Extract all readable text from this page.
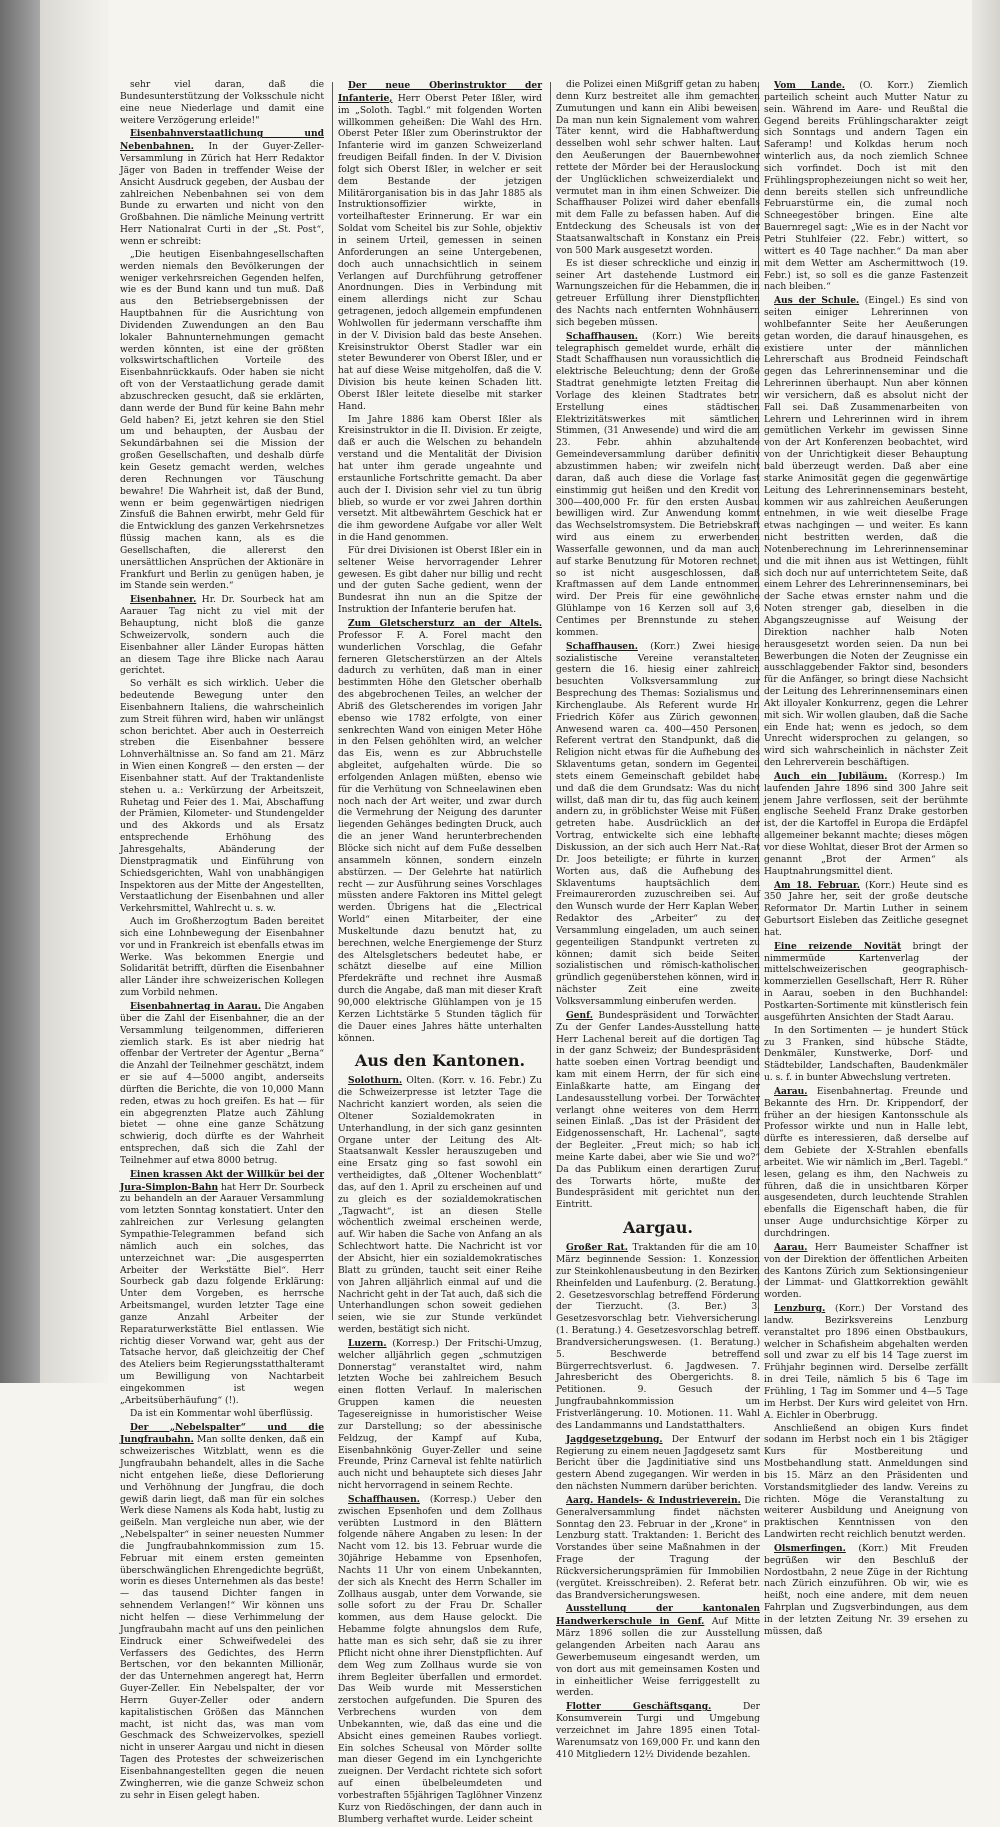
sehr viel daran, daß die Bundesunterstützung der Volksschule nicht eine neue Niederlage und damit eine weitere Verzögerung erleide!"

Eisenbahnverstaatlichung und Nebenbahnen. In der Guyer-Zeller-Versammlung in Zürich hat Herr Redaktor Jäger von Baden in treffender Weise der Ansicht Ausdruck gegeben, der Ausbau der zahlreichen Nebenbahnen sei von dem Bunde zu erwarten und nicht von den Großbahnen. Die nämliche Meinung vertritt Herr Nationalrat Curti in der „St. Post“, wenn er schreibt:

„Die heutigen Eisenbahngesellschaften werden niemals den Bevölkerungen der weniger verkehrsreichen Gegenden helfen, wie es der Bund kann und tun muß. Daß aus den Betriebsergebnissen der Hauptbahnen für die Ausrichtung von Dividenden Zuwendungen an den Bau lokaler Bahnunternehmungen gemacht werden könnten, ist eine der größten volkswirtschaftlichen Vorteile des Eisenbahnrückkaufs. Oder haben sie nicht oft von der Verstaatlichung gerade damit abzuschrecken gesucht, daß sie erklärten, dann werde der Bund für keine Bahn mehr Geld haben? Ei, jetzt kehren sie den Stiel um und behaupten, der Ausbau der Sekundärbahnen sei die Mission der großen Gesellschaften, und deshalb dürfe kein Gesetz gemacht werden, welches deren Rechnungen vor Täuschung bewahre! Die Wahrheit ist, daß der Bund, wenn er beim gegenwärtigen niedrigen Zinsfuß die Bahnen erwirbt, mehr Geld für die Entwicklung des ganzen Verkehrsnetzes flüssig machen kann, als es die Gesellschaften, die allererst den unersättlichen Ansprüchen der Aktionäre in Frankfurt und Berlin zu genügen haben, je im Stande sein werden.“

Eisenbahner. Hr. Dr. Sourbeck hat am Aarauer Tag nicht zu viel mit der Behauptung, nicht bloß die ganze Schweizervolk, sondern auch die Eisenbahner aller Länder Europas hätten an diesem Tage ihre Blicke nach Aarau gerichtet.

So verhält es sich wirklich. Ueber die bedeutende Bewegung unter den Eisenbahnern Italiens, die wahrscheinlich zum Streit führen wird, haben wir unlängst schon berichtet. Aber auch in Oesterreich streben die Eisenbahner bessere Lohnverhältnisse an. So fand am 21. März in Wien einen Kongreß — den ersten — der Eisenbahner statt. Auf der Traktandenliste stehen u. a.: Verkürzung der Arbeitszeit, Ruhetag und Feier des 1. Mai, Abschaffung der Prämien, Kilometer- und Stundengelder und des Akkords und als Ersatz entsprechende Erhöhung des Jahresgehalts, Abänderung der Dienstpragmatik und Einführung von Schiedsgerichten, Wahl von unabhängigen Inspektoren aus der Mitte der Angestellten, Verstaatlichung der Eisenbahnen und aller Verkehrsmittel, Wahlrecht u. s. w.

Auch im Großherzogtum Baden bereitet sich eine Lohnbewegung der Eisenbahner vor und in Frankreich ist ebenfalls etwas im Werke. Was bekommen Energie und Solidarität betrifft, dürften die Eisenbahner aller Länder ihre schweizerischen Kollegen zum Vorbild nehmen.

Eisenbahnertag in Aarau. Die Angaben über die Zahl der Eisenbahner, die an der Versammlung teilgenommen, differieren ziemlich stark. Es ist aber niedrig hat offenbar der Vertreter der Agentur „Berna“ die Anzahl der Teilnehmer geschätzt, indem er sie auf 4—5000 angibt, anderseits dürften die Berichte, die von 10,000 Mann reden, etwas zu hoch greifen. Es hat — für ein abgegrenzten Platze auch Zählung bietet — ohne eine ganze Schätzung schwierig, doch dürfte es der Wahrheit entsprechen, daß sich die Zahl der Teilnehmer auf etwa 8000 betrug.

Einen krassen Akt der Willkür bei der Jura-Simplon-Bahn hat Herr Dr. Sourbeck zu behandeln an der Aarauer Versammlung vom letzten Sonntag konstatiert. Unter den zahlreichen zur Verlesung gelangten Sympathie-Telegrammen befand sich nämlich auch ein solches, das unterzeichnet war: „Die ausgesperrten Arbeiter der Werkstätte Biel“. Herr Sourbeck gab dazu folgende Erklärung: Unter dem Vorgeben, es herrsche Arbeitsmangel, wurden letzter Tage eine ganze Anzahl Arbeiter der Reparaturwerkstätte Biel entlassen. Wie richtig dieser Vorwand war, geht aus der Tatsache hervor, daß gleichzeitig der Chef des Ateliers beim Regierungsstatthalteramt um Bewilligung von Nachtarbeit eingekommen ist wegen „Arbeitsüberhäufung“ (!).

Da ist ein Kommentar wohl überflüssig.

Der „Nebelspalter“ und die Jungfraubahn. Man sollte denken, daß ein schweizerisches Witzblatt, wenn es die Jungfraubahn behandelt, alles in die Sache nicht entgehen ließe, diese Deflorierung und Verhöhnung der Jungfrau, die doch gewiß darin liegt, daß man für ein solches Werk diese Namens als Koda habt, lustig zu geißeln. Man vergleiche nun aber, wie der „Nebelspalter“ in seiner neuesten Nummer die Jungfraubahnkommission zum 15. Februar mit einem ersten gemeinten überschwänglichen Ehrengedichte begrüßt, worin es dieses Unternehmen als das beste! — das tausend Dichter fangen in sehnendem Verlangen!“ Wir können uns nicht helfen — diese Verhimmelung der Jungfraubahn macht auf uns den peinlichen Eindruck einer Schweifwedelei des Verfassers des Gedichtes, des Herrn Bertschen, vor den bekannten Millionär, der das Unternehmen angeregt hat, Herrn Guyer-Zeller. Ein Nebelspalter, der vor Herrn Guyer-Zeller oder andern kapitalistischen Größen das Männchen macht, ist nicht das, was man vom Geschmack des Schweizervolkes, speziell nicht in unserer Aargau und nicht in diesen Tagen des Protestes der schweizerischen Eisenbahnangestellten gegen die neuen Zwingherren, wie die ganze Schweiz schon zu sehr in Eisen gelegt haben.

Der neue Oberinstruktor der Infanterie, Herr Oberst Peter Ißler, wird im „Soloth. Tagbl.“ mit folgenden Worten willkommen geheißen: Die Wahl des Hrn. Oberst Peter Ißler zum Oberinstruktor der Infanterie wird im ganzen Schweizerland freudigen Beifall finden. In der V. Division folgt sich Oberst Ißler, in welcher er seit dem Bestande der jetzigen Militärorganisation bis in das Jahr 1885 als Instruktionsoffizier wirkte, in vorteilhaftester Erinnerung. Er war ein Soldat vom Scheitel bis zur Sohle, objektiv in seinem Urteil, gemessen in seinen Anforderungen an seine Untergebenen, doch auch unnachsichtlich in seinem Verlangen auf Durchführung getroffener Anordnungen. Dies in Verbindung mit einem allerdings nicht zur Schau getragenen, jedoch allgemein empfundenen Wohlwollen für jedermann verschaffte ihm in der V. Division bald das beste Ansehen. Kreisinstruktor Oberst Stadler war ein steter Bewunderer von Oberst Ißler, und er hat auf diese Weise mitgeholfen, daß die V. Division bis heute keinen Schaden litt. Oberst Ißler leitete dieselbe mit starker Hand.

Im Jahre 1886 kam Oberst Ißler als Kreisinstruktor in die II. Division. Er zeigte, daß er auch die Welschen zu behandeln verstand und die Mentalität der Division hat unter ihm gerade ungeahnte und erstaunliche Fortschritte gemacht. Da aber auch der I. Division sehr viel zu tun übrig blieb, so wurde er vor zwei Jahren dorthin versetzt. Mit altbewährtem Geschick hat er die ihm gewordene Aufgabe vor aller Welt in die Hand genommen.

Für drei Divisionen ist Oberst Ißler ein in seltener Weise hervorragender Lehrer gewesen. Es gibt daher nur billig und recht und der guten Sache gedient, wenn der Bundesrat ihn nun an die Spitze der Instruktion der Infanterie berufen hat.

Zum Gletschersturz an der Altels. Professor F. A. Forel macht den wunderlichen Vorschlag, die Gefahr ferneren Gletscherstürzen an der Altels dadurch zu verhüten, daß man in einer bestimmten Höhe den Gletscher oberhalb des abgebrochenen Teiles, an welcher der Abriß des Gletscherendes im vorigen Jahr ebenso wie 1782 erfolgte, von einer senkrechten Wand von einigen Meter Höhe in den Felsen gehöhlten wird, an welcher das Eis, wenn es zur Abbruchstelle abgleitet, aufgehalten würde. Die so erfolgenden Anlagen müßten, ebenso wie für die Verhütung von Schneelawinen eben noch nach der Art weiter, und zwar durch die Vermehrung der Neigung des darunter liegenden Gehänges bedingten Druck, auch die an jener Wand herunterbrechenden Blöcke sich nicht auf dem Fuße desselben ansammeln können, sondern einzeln abstürzen. — Der Gelehrte hat natürlich recht — zur Ausführung seines Vorschlages müssten andere Faktoren ins Mittel gelegt werden. Übrigens hat die „Electrical World“ einen Mitarbeiter, der eine Muskeltunde dazu benutzt hat, zu berechnen, welche Energiemenge der Sturz des Altelsgletschers bedeutet habe, er schätzt dieselbe auf eine Million Pferdekräfte und rechnet ihre Ausmaß durch die Angabe, daß man mit dieser Kraft 90,000 elektrische Glühlampen von je 15 Kerzen Lichtstärke 5 Stunden täglich für die Dauer eines Jahres hätte unterhalten können.

Aus den Kantonen.

Solothurn. Olten. (Korr. v. 16. Febr.) Zu die Schweizerpresse ist letzter Tage die Nachricht kanziert worden, als seien die Oltener Sozialdemokraten in Unterhandlung, in der sich ganz gesinnten Organe unter der Leitung des Alt-Staatsanwalt Kessler herauszugeben und eine Ersatz ging so fast sowohl ein vertheidigtes, daß „Oltener Wochenblatt“ das, auf den 1. April zu erscheinen auf und zu gleich es der sozialdemokratischen „Tagwacht“, ist an diesen Stelle wöchentlich zweimal erscheinen werde, auf. Wir haben die Sache von Anfang an als Schlechtwort hatte. Die Nachricht ist vor der Absicht, hier ein sozialdemokratisches Blatt zu gründen, taucht seit einer Reihe von Jahren alljährlich einmal auf und die Nachricht geht in der Tat auch, daß sich die Unterhandlungen schon soweit gediehen seien, wie sie zur Stunde verkündet werden, bestätigt sich nicht.

Luzern. (Korresp.) Der Fritschi-Umzug, welcher alljährlich gegen „schmutzigen Donnerstag“ veranstaltet wird, nahm letzten Woche bei zahlreichem Besuch einen flotten Verlauf. In malerischen Gruppen kamen die neuesten Tagesereignisse in humoristischer Weise zur Darstellung; so der abessinische Feldzug, der Kampf auf Kuba, Eisenbahnkönig Guyer-Zeller und seine Freunde, Prinz Carneval ist fehlte natürlich auch nicht und behauptete sich dieses Jahr nicht hervorragend in seinem Rechte.

Schaffhausen. (Korresp.) Ueber den zwischen Epsenhofen und dem Zollhaus verübten Lustmord in den Blättern folgende nähere Angaben zu lesen: In der Nacht vom 12. bis 13. Februar wurde die 30jährige Hebamme von Epsenhofen, Nachts 11 Uhr von einem Unbekannten, der sich als Knecht des Herrn Schaller im Zollhaus ausgab, unter dem Vorwande, sie solle sofort zu der Frau Dr. Schaller kommen, aus dem Hause gelockt. Die Hebamme folgte ahnungslos dem Rufe, hatte man es sich sehr, daß sie zu ihrer Pflicht nicht ohne ihrer Dienstpflichten. Auf dem Weg zum Zollhaus wurde sie von ihrem Begleiter überfallen und ermordet. Das Weib wurde mit Messerstichen zerstochen aufgefunden. Die Spuren des Verbrechens wurden von dem Unbekannten, wie, daß das eine und die Absicht eines gemeinen Raubes vorliegt. Ein solches Scheusal von Mörder sollte man dieser Gegend im ein Lynchgerichte zueignen. Der Verdacht richtete sich sofort auf einen übelbeleumdeten und vorbestraften 55jährigen Taglöhner Vinzenz Kurz von Riedöschingen, der dann auch in Blumberg verhaftet wurde. Leider scheint

die Polizei einen Mißgriff getan zu haben, denn Kurz bestreitet alle ihm gemachten Zumutungen und kann ein Alibi beweisen. Da man nun kein Signalement vom wahren Täter kennt, wird die Habhaftwerdung desselben wohl sehr schwer halten. Laut den Aeußerungen der Bauernbewohner rettete der Mörder bei der Herauslockung der Unglücklichen schweizerdialekt und vermutet man in ihm einen Schweizer. Die Schaffhauser Polizei wird daher ebenfalls mit dem Falle zu befassen haben. Auf die Entdeckung des Scheusals ist von der Staatsanwaltschaft in Konstanz ein Preis von 500 Mark ausgesetzt worden.

Es ist dieser schreckliche und einzig in seiner Art dastehende Lustmord ein Warnungszeichen für die Hebammen, die in getreuer Erfüllung ihrer Dienstpflichten des Nachts nach entfernten Wohnhäusern sich begeben müssen.

Schaffhausen. (Korr.) Wie bereits telegraphisch gemeldet wurde, erhält die Stadt Schaffhausen nun voraussichtlich die elektrische Beleuchtung; denn der Große Stadtrat genehmigte letzten Freitag die Vorlage des kleinen Stadtrates betr. Erstellung eines städtischen Elektrizitätswerkes mit sämtlichen Stimmen, (31 Anwesende) und wird die am 23. Febr. ahhin abzuhaltende Gemeindeversammlung darüber definitiv abzustimmen haben; wir zweifeln nicht daran, daß auch diese die Vorlage fast einstimmig gut heißen und den Kredit von 300—400,000 Fr. für den ersten Ausbau bewilligen wird. Zur Anwendung kommt das Wechselstromsystem. Die Betriebskraft wird aus einem zu erwerbenden Wasserfalle gewonnen, und da man auch auf starke Benutzung für Motoren rechnet, so ist nicht ausgeschlossen, daß Kraftmassen auf dem Lande entnommen wird. Der Preis für eine gewöhnliche Glühlampe von 16 Kerzen soll auf 3,6 Centimes per Brennstunde zu stehen kommen.

Schaffhausen. (Korr.) Zwei hiesige sozialistische Vereine veranstalteten gestern die 16. hiesig einer zahlreich besuchten Volksversammlung zur Besprechung des Themas: Sozialismus und Kirchenglaube. Als Referent wurde Hr. Friedrich Köfer aus Zürich gewonnen. Anwesend waren ca. 400—450 Personen. Referent vertrat den Standpunkt, daß die Religion nicht etwas für die Aufhebung des Sklaventums getan, sondern im Gegenteil stets einem Gemeinschaft gebildet habe und daß die dem Grundsatz: Was du nicht willst, daß man dir tu, das füg auch keinem andern zu, in gröblichster Weise mit Füßen getreten habe. Ausdrücklich an der Vortrag, entwickelte sich eine lebhafte Diskussion, an der sich auch Herr Nat.-Rat Dr. Joos beteiligte; er führte in kurzen Worten aus, daß die Aufhebung des Sklaventums hauptsächlich dem Freimaurerorden zuzuschreiben sei. Auf den Wunsch wurde der Herr Kaplan Weber, Redaktor des „Arbeiter“ zu der Versammlung eingeladen, um auch seinen gegenteiligen Standpunkt vertreten zu können; damit sich beide Seiten sozialistischen und römisch-katholischen gründlich gegenüberstehen können, wird in nächster Zeit eine zweite Volksversammlung einberufen werden.

Genf. Bundespräsident und Torwächter. Zu der Genfer Landes-Ausstellung hatte Herr Lachenal bereit auf die dortigen Tag in der ganz Schweiz; der Bundespräsident hatte soeben einen Vortrag beendigt und kam mit einem Herrn, der für sich eine Einlaßkarte hatte, am Eingang der Landesausstellung vorbei. Der Torwächter verlangt ohne weiteres von dem Herrn seinen Einlaß. „Das ist der Präsident der Eidgenossenschaft, Hr. Lachenal“, sagte der Begleiter. „Freut mich; so hab ich meine Karte dabei, aber wie Sie und wo?“ Da das Publikum einen derartigen Zuruf des Torwarts hörte, mußte der Bundespräsident mit gerichtet nun den Eintritt.

Aargau.

Großer Rat. Traktanden für die am 10. März beginnende Session: 1. Konzession zur Steinkohlenausbeutung in den Bezirken Rheinfelden und Laufenburg. (2. Beratung.) 2. Gesetzesvorschlag betreffend Förderung der Tierzucht. (3. Ber.) 3. Gesetzesvorschlag betr. Viehversicherung. (1. Beratung.) 4. Gesetzesvorschlag betreff. Brandversicherungswesen. (1. Beratung.) 5. Beschwerde betreffend Bürgerrechtsverlust. 6. Jagdwesen. 7. Jahresbericht des Obergerichts. 8. Petitionen. 9. Gesuch der Jungfraubahnkommission um Fristverlängerung. 10. Motionen. 11. Wahl des Landammanns und Landstatthalters.

Jagdgesetzgebung. Der Entwurf der Regierung zu einem neuen Jagdgesetz samt Bericht über die Jagdinitiative sind uns gestern Abend zugegangen. Wir werden in den nächsten Nummern darüber berichten.

Aarg. Handels- & Industrieverein. Die Generalversammlung findet nächsten Sonntag den 23. Februar in der „Krone“ in Lenzburg statt. Traktanden: 1. Bericht des Vorstandes über seine Maßnahmen in der Frage der Tragung der Rückversicherungsprämien für Immobilien (vergütet. Kreisschreiben). 2. Referat betr. das Brandversicherungswesen.

Ausstellung der kantonalen Handwerkerschule in Genf. Auf Mitte März 1896 sollen die zur Ausstellung gelangenden Arbeiten nach Aarau ans Gewerbemuseum eingesandt werden, um von dort aus mit gemeinsamen Kosten und in einheitlicher Weise ferriggestellt zu werden.

Flotter Geschäftsgang.	Der Konsumverein Turgi und Umgebung verzeichnet im Jahre 1895 einen Total-Warenumsatz von 169,000 Fr. und kann den 410 Mitgliedern 12½ Dividende bezahlen.

Vom Lande. (O. Korr.) Ziemlich parteilich scheint auch Mutter Natur zu sein. Während im Aare- und Reußtal die Gegend bereits Frühlingscharakter zeigt sich Sonntags und andern Tagen ein Saferamp! und Kolkdas herum noch winterlich aus, da noch ziemlich Schnee sich vorfindet. Doch ist mit den Frühlingsprophezeiungen nicht so weit her, denn bereits stellen sich unfreundliche Februarstürme ein, die zumal noch Schneegestöber bringen. Eine alte Bauernregel sagt: „Wie es in der Nacht vor Petri Stuhlfeier (22. Febr.) wittert, so wittert es 40 Tage nachher.“ Da man aber mit dem Wetter am Aschermittwoch (19. Febr.) ist, so soll es die ganze Fastenzeit nach bleiben.“

Aus der Schule. (Eingel.) Es sind von seiten einiger Lehrerinnen von wohlbefannter Seite her Aeußerungen getan worden, die darauf hinausgehen, es existiere unter der männlichen Lehrerschaft aus Brodneid Feindschaft gegen das Lehrerinnenseminar und die Lehrerinnen überhaupt. Nun aber können wir versichern, daß es absolut nicht der Fall sei. Daß Zusammenarbeiten von Lehrern und Lehrerinnen wird in ihrem gemütlichen Verkehr im gewissen Sinne von der Art Konferenzen beobachtet, wird von der Unrichtigkeit dieser Behauptung bald überzeugt werden. Daß aber eine starke Animosität gegen die gegenwärtige Leitung des Lehrerinnenseminars besteht, kommen wir aus zahlreichen Aeußerungen entnehmen, in wie weit dieselbe Frage etwas nachgingen — und weiter. Es kann nicht bestritten werden, daß die Notenberechnung im Lehrerinnenseminar und die mit ihnen aus ist Wettingen, fühlt sich doch nur auf unterrichtetem Seite, daß einem Lehrer des Lehrerinnenseminars, bei der Sache etwas ernster nahm und die Noten strenger gab, dieselben in die Abgangszeugnisse auf Weisung der Direktion nachher halb Noten herausgesetzt worden seien. Da nun bei Bewerbungen die Noten der Zeugnisse ein ausschlaggebender Faktor sind, besonders für die Anfänger, so bringt diese Nachsicht der Leitung des Lehrerinnenseminars einen Akt illoyaler Konkurrenz, gegen die Lehrer mit sich. Wir wollen glauben, daß die Sache ein Ende hat; wenn es jedoch, so dem Unrecht widersprochen zu gelangen, so wird sich wahrscheinlich in nächster Zeit den Lehrerverein beschäftigen.

Auch ein Jubiläum. (Korresp.) Im laufenden Jahre 1896 sind 300 Jahre seit jenem Jahre verflossen, seit der berühmte englische Seeheld Franz Drake gestorben ist, der die Kartoffel in Europa die Erdäpfel allgemeiner bekannt machte; dieses mögen vor diese Wohltat, dieser Brot der Armen so genannt „Brot der Armen“ als Hauptnahrungsmittel dient.

Am 18. Februar. (Korr.) Heute sind es 350 Jahre her, seit der große deutsche Reformator Dr. Martin Luther in seinem Geburtsort Eisleben das Zeitliche gesegnet hat.

Eine reizende Novität bringt der nimmermüde Kartenverlag der mittelschweizerischen geographisch-kommerziellen Gesellschaft, Herr R. Rüher in Aarau, soeben in den Buchhandel: Postkarten-Sortimente mit künstlerisch fein ausgeführten Ansichten der Stadt Aarau.

In den Sortimenten — je hundert Stück zu 3 Franken, sind hübsche Städte, Denkmäler, Kunstwerke, Dorf- und Städtebilder, Landschaften, Baudenkmäler u. s. f. in bunter Abwechslung vertreten.

Aarau. Eisenbahnertag. Freunde und Bekannte des Hrn. Dr. Krippendorf, der früher an der hiesigen Kantonsschule als Professor wirkte und nun in Halle lebt, dürfte es interessieren, daß derselbe auf dem Gebiete der X-Strahlen ebenfalls arbeitet. Wie wir nämlich im „Berl. Tagebl.“ lesen, gelang es ihm, den Nachweis zu führen, daß die in unsichtbaren Körper ausgesendeten, durch leuchtende Strahlen ebenfalls die Eigenschaft haben, die für unser Auge undurchsichtige Körper zu durchdringen.

Aarau. Herr Baumeister Schaffner ist von der Direktion der öffentlichen Arbeiten des Kantons Zürich zum Sektionsingenieur der Limmat- und Glattkorrektion gewählt worden.

Lenzburg. (Korr.) Der Vorstand des landw. Bezirksvereins Lenzburg veranstaltet pro 1896 einen Obstbaukurs, welcher in Schafisheim abgehalten werden soll und zwar zu elf bis 14 Tage zuerst im Frühjahr beginnen wird. Derselbe zerfällt in drei Teile, nämlich 5 bis 6 Tage im Frühling, 1 Tag im Sommer und 4—5 Tage im Herbst. Der Kurs wird geleitet von Hrn. A. Eichler in Oberbrugg.

Anschließend an obigen Kurs findet sodann im Herbst noch ein 1 bis 2tägiger Kurs für Mostbereitung und Mostbehandlung statt. Anmeldungen sind bis 15. März an den Präsidenten und Vorstandsmitglieder des landw. Vereins zu richten. Möge die Veranstaltung zu weiterer Ausbildung und Aneignung von praktischen Kenntnissen von den Landwirten recht reichlich benutzt werden.

Olsmerfingen. (Korr.) Mit Freuden begrüßen wir den Beschluß der Nordostbahn, 2 neue Züge in der Richtung nach Zürich einzuführen. Ob wir, wie es heißt, noch eine andere, mit dem neuen Fahrplan und Zugsverbindungen, aus dem in der letzten Zeitung Nr. 39 ersehen zu müssen, daß
